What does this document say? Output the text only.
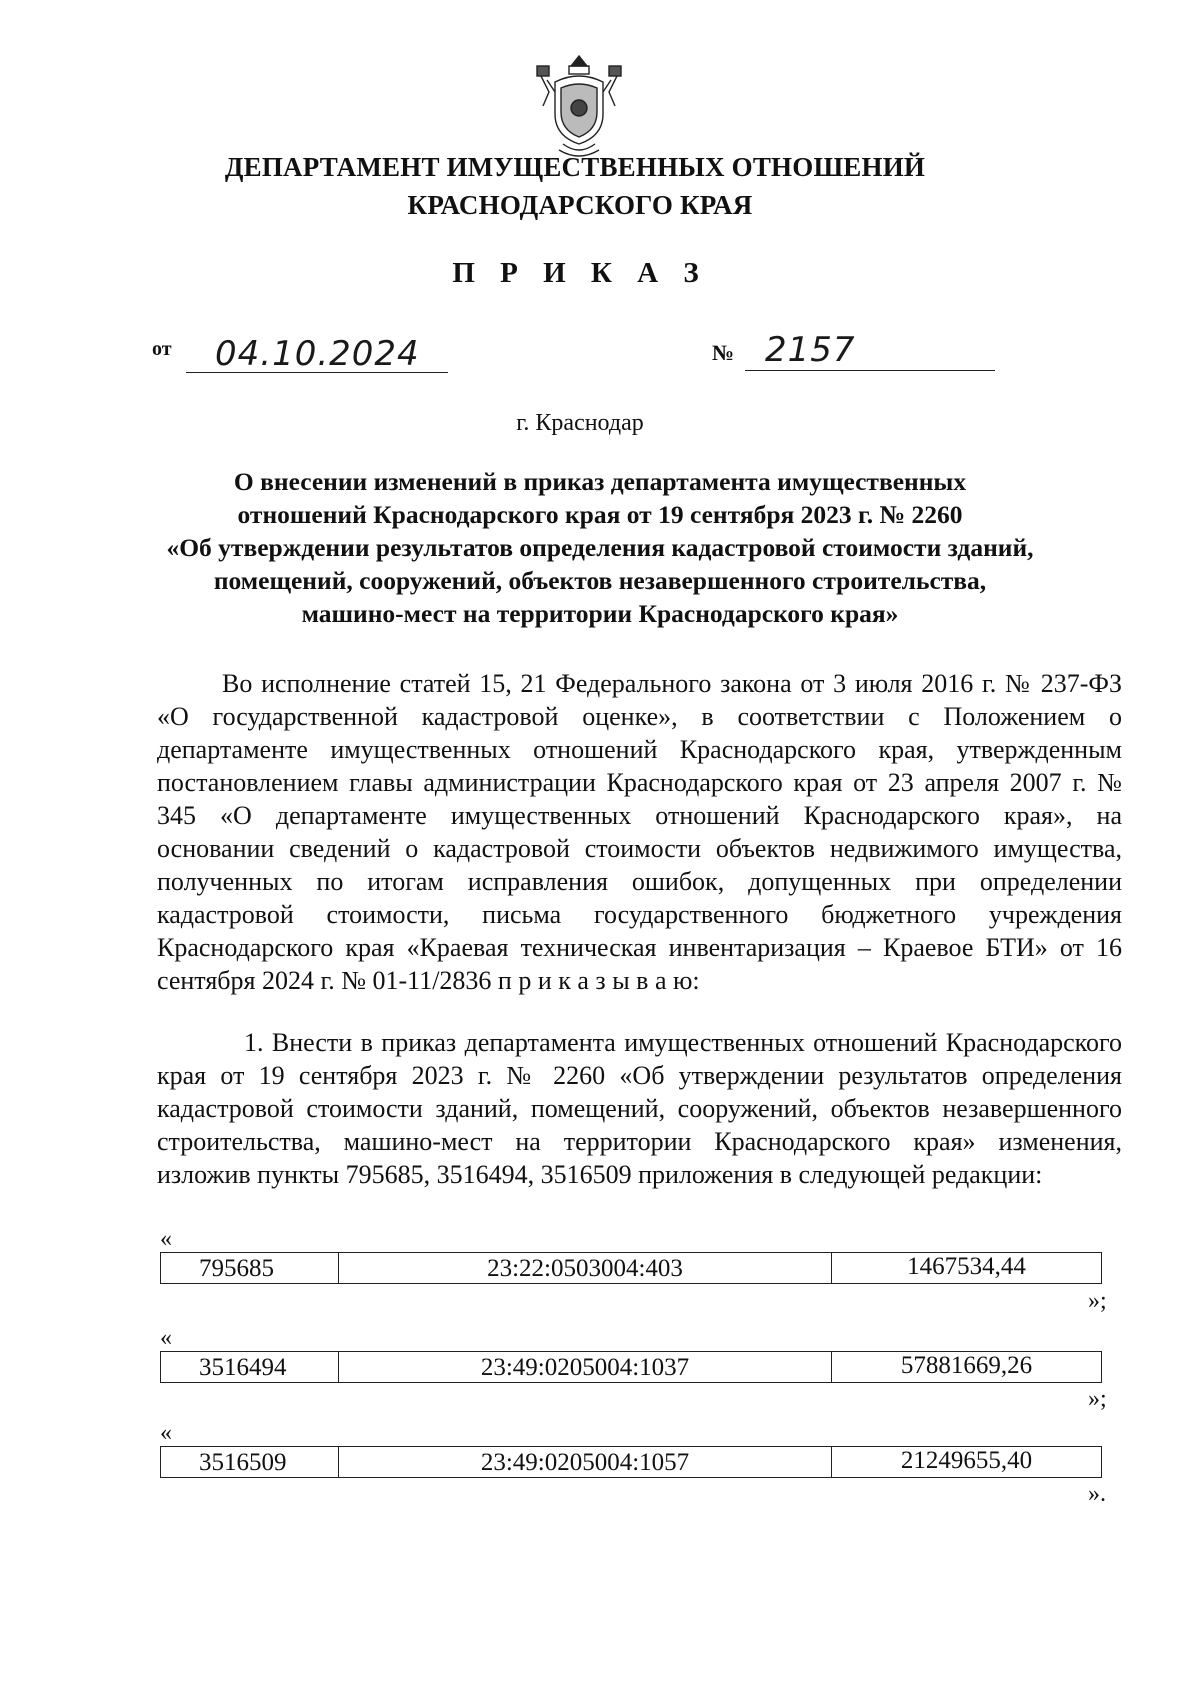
ДЕПАРТАМЕНТ ИМУЩЕСТВЕННЫХ ОТНОШЕНИЙ
КРАСНОДАРСКОГО КРАЯ
П Р И К А З
от 04.10.2024	№ 2157
г. Краснодар
О внесении изменений в приказ департамента имущественных
отношений Краснодарского края от 19 сентября 2023 г. № 2260
«Об утверждении результатов определения кадастровой стоимости зданий,
помещений, сооружений, объектов незавершенного строительства,
машино-мест на территории Краснодарского края»
Во исполнение статей 15, 21 Федерального закона от 3 июля 2016 г. № 237-ФЗ «О государственной кадастровой оценке», в соответствии с Положением о департаменте имущественных отношений Краснодарского края, утвержденным постановлением главы администрации Краснодарского края от 23 апреля 2007 г. № 345 «О департаменте имущественных отношений Краснодарского края», на основании сведений о кадастровой стоимости объектов недвижимого имущества, полученных по итогам исправления ошибок, допущенных при определении кадастровой стоимости, письма государственного бюджетного учреждения Краснодарского края «Краевая техническая инвентаризация – Краевое БТИ» от 16 сентября 2024 г. № 01-11/2836 п р и к а з ы в а ю:
1. Внести в приказ департамента имущественных отношений Краснодарского края от 19 сентября 2023 г. № 2260 «Об утверждении результатов определения кадастровой стоимости зданий, помещений, сооружений, объектов незавершенного строительства, машино-мест на территории Краснодарского края» изменения, изложив пункты 795685, 3516494, 3516509 приложения в следующей редакции:
«
795685	23:22:0503004:403	1467534,44
»;
«
3516494	23:49:0205004:1037	57881669,26
»;
«
3516509	23:49:0205004:1057	21249655,40
».
